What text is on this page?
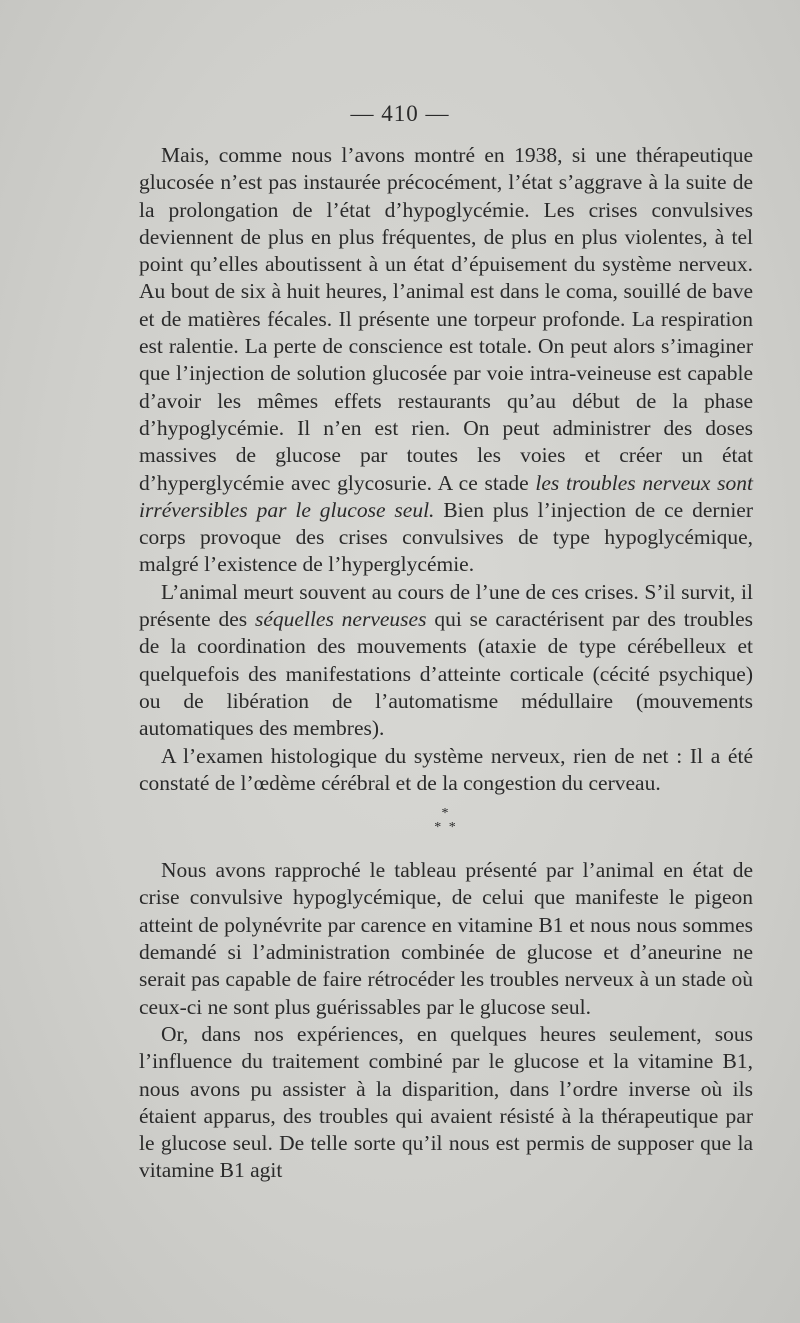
— 410 —

Mais, comme nous l’avons montré en 1938, si une thérapeutique glucosée n’est pas instaurée précocément, l’état s’aggrave à la suite de la prolongation de l’état d’hypoglycémie. Les crises convulsives deviennent de plus en plus fréquentes, de plus en plus violentes, à tel point qu’elles aboutissent à un état d’épuisement du système nerveux. Au bout de six à huit heures, l’animal est dans le coma, souillé de bave et de matières fécales. Il présente une torpeur profonde. La respiration est ralentie. La perte de conscience est totale. On peut alors s’imaginer que l’injection de solution glucosée par voie intra-veineuse est capable d’avoir les mêmes effets restaurants qu’au début de la phase d’hypoglycémie. Il n’en est rien. On peut administrer des doses massives de glucose par toutes les voies et créer un état d’hyperglycémie avec glycosurie. A ce stade les troubles nerveux sont irréversibles par le glucose seul. Bien plus l’injection de ce dernier corps provoque des crises convulsives de type hypoglycémique, malgré l’existence de l’hyperglycémie.

L’animal meurt souvent au cours de l’une de ces crises. S’il survit, il présente des séquelles nerveuses qui se caractérisent par des troubles de la coordination des mouvements (ataxie de type cérébelleux et quelquefois des manifestations d’atteinte corticale (cécité psychique) ou de libération de l’automatisme médullaire (mouvements automatiques des membres).

A l’examen histologique du système nerveux, rien de net : Il a été constaté de l’œdème cérébral et de la congestion du cerveau.

*
* *

Nous avons rapproché le tableau présenté par l’animal en état de crise convulsive hypoglycémique, de celui que manifeste le pigeon atteint de polynévrite par carence en vitamine B1 et nous nous sommes demandé si l’administration combinée de glucose et d’aneurine ne serait pas capable de faire rétrocéder les troubles nerveux à un stade où ceux-ci ne sont plus guérissables par le glucose seul.

Or, dans nos expériences, en quelques heures seulement, sous l’influence du traitement combiné par le glucose et la vitamine B1, nous avons pu assister à la disparition, dans l’ordre inverse où ils étaient apparus, des troubles qui avaient résisté à la thérapeutique par le glucose seul. De telle sorte qu’il nous est permis de supposer que la vitamine B1 agit
